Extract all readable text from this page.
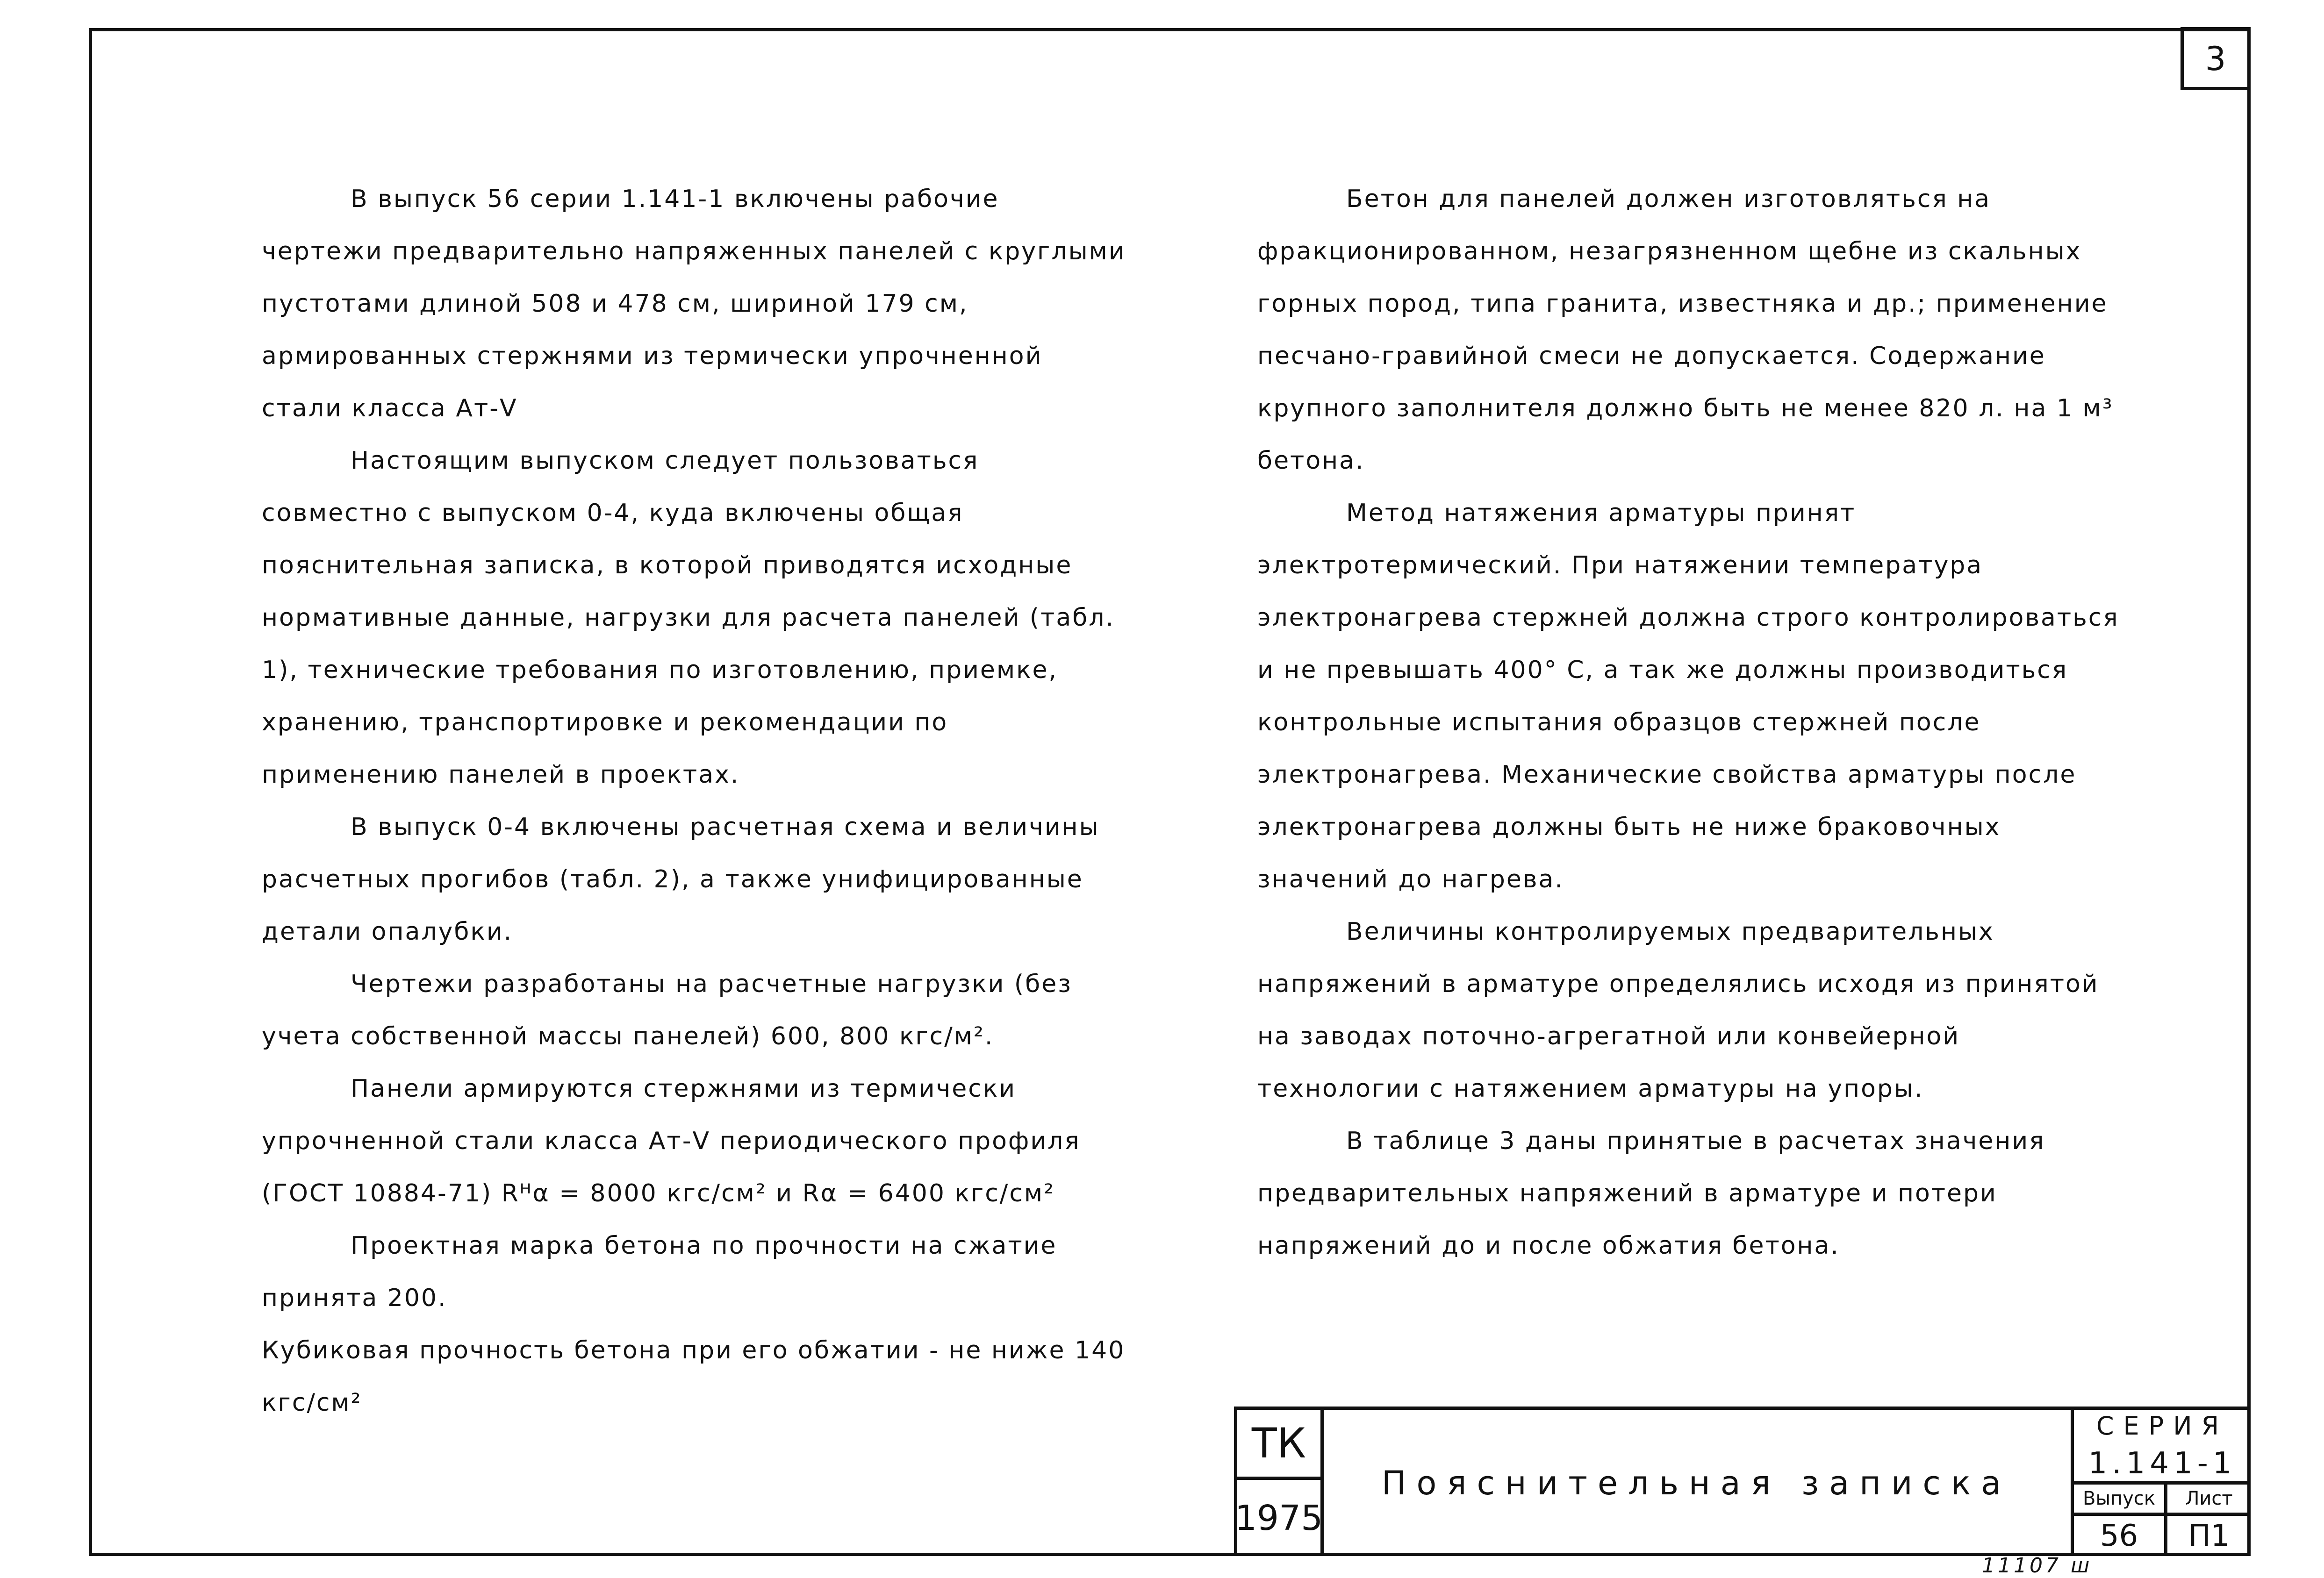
3

В выпуск 56 серии 1.141-1 включены рабочие чертежи предварительно напряженных панелей с круглыми пустотами длиной 508 и 478 см, шириной 179 см, армированных стержнями из термически упрочненной стали класса Ат-V

Настоящим выпуском следует пользоваться совместно с выпуском 0-4, куда включены общая пояснительная записка, в которой приводятся исходные нормативные данные, нагрузки для расчета панелей (табл. 1), технические требования по изготовлению, приемке, хранению, транспортировке и рекомендации по применению панелей в проектах.

В выпуск 0-4 включены расчетная схема и величины расчетных прогибов (табл. 2), а также унифицированные детали опалубки.

Чертежи разработаны на расчетные нагрузки (без учета собственной массы панелей) 600, 800 кгс/м².

Панели армируются стержнями из термически упрочненной стали класса Ат-V периодического профиля (ГОСТ 10884-71) Rᴴα = 8000 кгс/см² и Rα = 6400 кгс/см²

Проектная марка бетона по прочности на сжатие принята 200.

Кубиковая прочность бетона при его обжатии - не ниже 140 кгс/см²

Бетон для панелей должен изготовляться на фракционированном, незагрязненном щебне из скальных горных пород, типа гранита, известняка и др.; применение песчано-гравийной смеси не допускается. Содержание крупного заполнителя должно быть не менее 820 л. на 1 м³ бетона.

Метод натяжения арматуры принят электротермический. При натяжении температура электронагрева стержней должна строго контролироваться и не превышать 400° С, а так же должны производиться контрольные испытания образцов стержней после электронагрева. Механические свойства арматуры после электронагрева должны быть не ниже браковочных значений до нагрева.

Величины контролируемых предварительных напряжений в арматуре определялись исходя из принятой на заводах поточно-агрегатной или конвейерной технологии с натяжением арматуры на упоры.

В таблице 3 даны принятые в расчетах значения предварительных напряжений в арматуре и потери напряжений до и после обжатия бетона.

ТК
1975
Пояснительная записка
СЕРИЯ
1.141-1
Выпуск
56
Лист
П1
11107 ш
